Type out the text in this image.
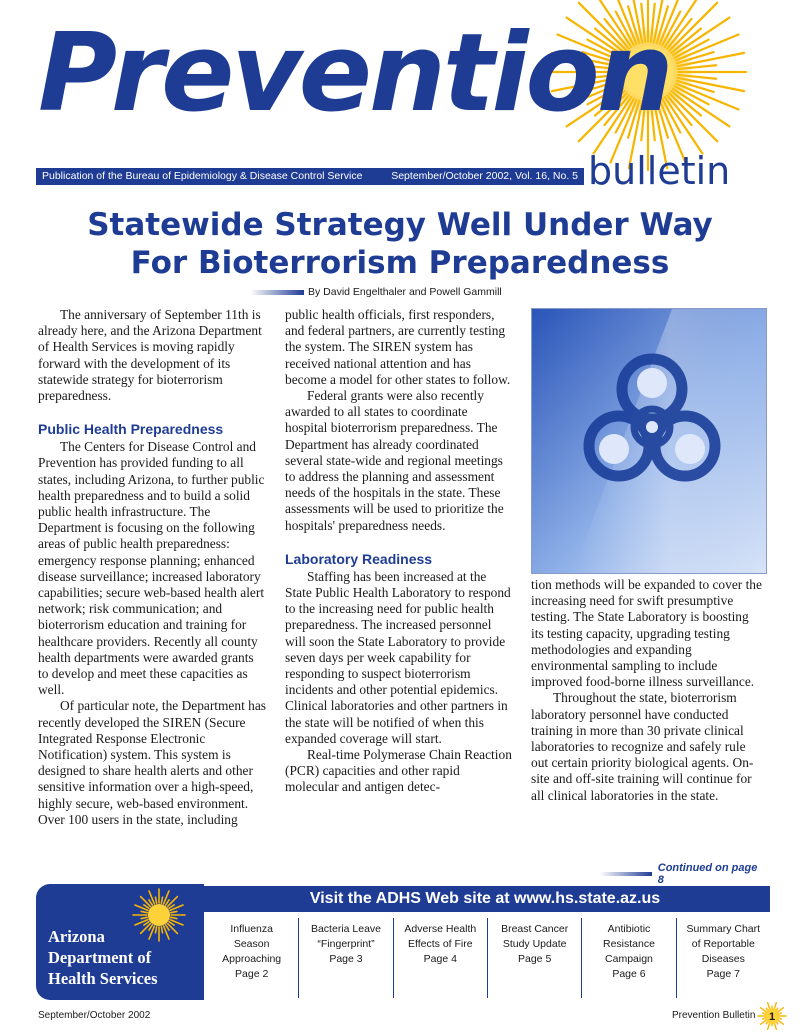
Prevention
Publication of the Bureau of Epidemiology & Disease Control Service	September/October 2002, Vol. 16, No. 5 bulletin
Statewide Strategy Well Under Way
For Bioterrorism Preparedness
By David Engelthaler and Powell Gammill

The anniversary of September 11th is already here, and the Arizona Department of Health Services is moving rapidly forward with the development of its statewide strategy for bioterrorism preparedness.

Public Health Preparedness

The Centers for Disease Control and Prevention has provided funding to all states, including Arizona, to further public health preparedness and to build a solid public health infrastructure. The Department is focusing on the following areas of public health preparedness: emergency response planning; enhanced disease surveillance; increased laboratory capabilities; secure web-based health alert network; risk communication; and bioterrorism education and training for healthcare providers. Recently all county health departments were awarded grants to develop and meet these capacities as well.

Of particular note, the Department has recently developed the SIREN (Secure Integrated Response Electronic Notification) system. This system is designed to share health alerts and other sensitive information over a high-speed, highly secure, web-based environment. Over 100 users in the state, including

public health officials, first responders, and federal partners, are currently testing the system. The SIREN system has received national attention and has become a model for other states to follow.

Federal grants were also recently awarded to all states to coordinate hospital bioterrorism preparedness. The Department has already coordinated several state-wide and regional meetings to address the planning and assessment needs of the hospitals in the state. These assessments will be used to prioritize the hospitals' preparedness needs.

Laboratory Readiness

Staffing has been increased at the State Public Health Laboratory to respond to the increasing need for public health preparedness. The increased personnel will soon the State Laboratory to provide seven days per week capability for responding to suspect bioterrorism incidents and other potential epidemics. Clinical laboratories and other partners in the state will be notified of when this expanded coverage will start.

Real-time Polymerase Chain Reaction (PCR) capacities and other rapid molecular and antigen detec-

tion methods will be expanded to cover the increasing need for swift presumptive testing. The State Laboratory is boosting its testing capacity, upgrading testing methodologies and expanding environmental sampling to include improved food-borne illness surveillance.

Throughout the state, bioterrorism laboratory personnel have conducted training in more than 30 private clinical laboratories to recognize and safely rule out certain priority biological agents. On-site and off-site training will continue for all clinical laboratories in the state.

Continued on page 8
Arizona
Department of
Health Services
Visit the ADHS Web site at www.hs.state.az.us
Influenza
Season
Approaching
Page 2
Bacteria Leave
“Fingerprint”
Page 3
Adverse Health
Effects of Fire
Page 4
Breast Cancer
Study Update
Page 5
Antibiotic
Resistance
Campaign
Page 6
Summary Chart
of Reportable
Diseases
Page 7
September/October 2002	Prevention Bulletin 1
